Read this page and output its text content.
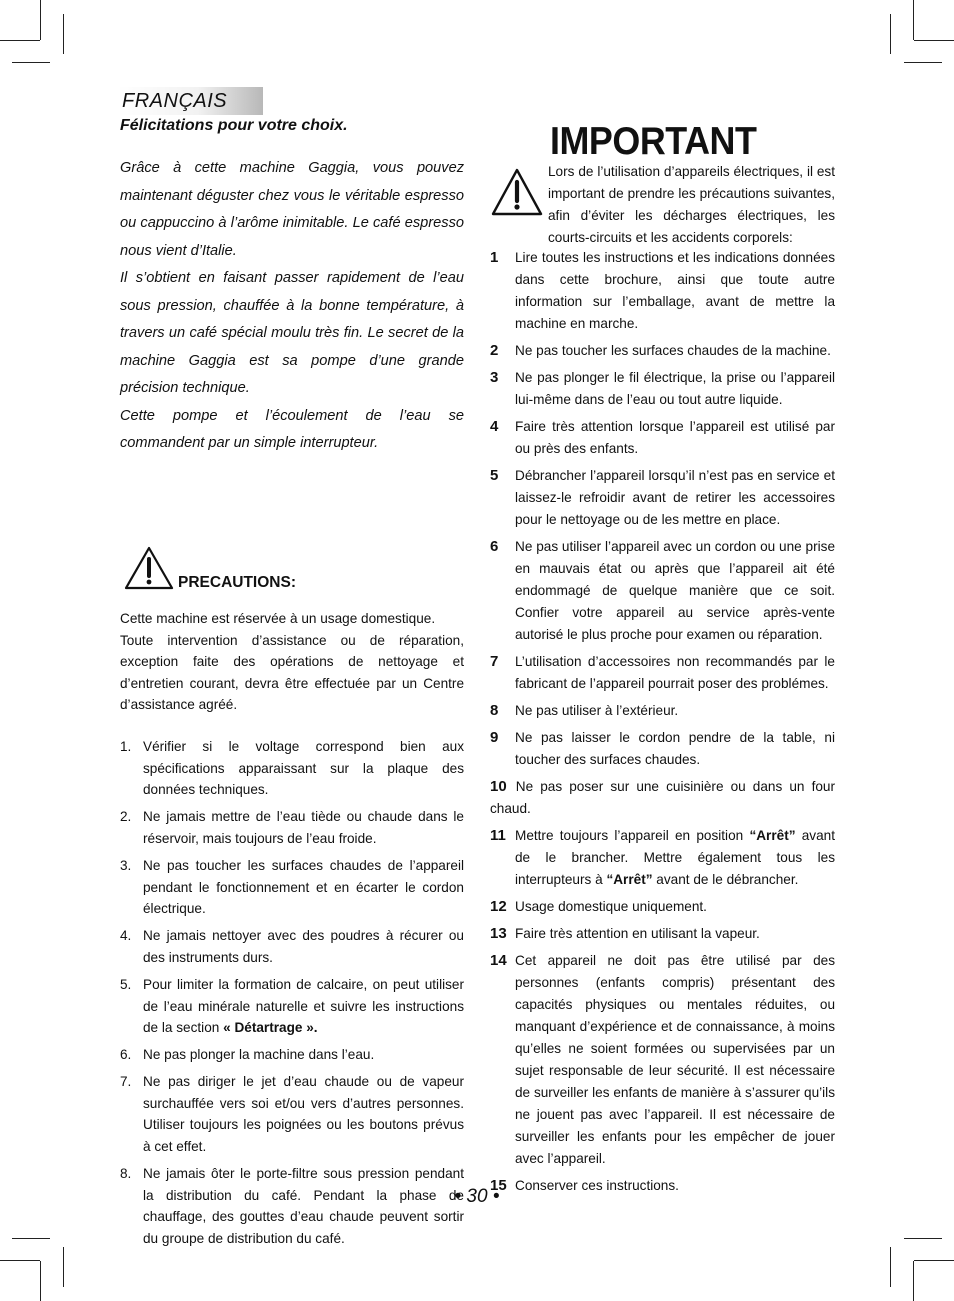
FRANÇAIS
Félicitations pour votre choix.

Grâce à cette machine Gaggia, vous pouvez maintenant déguster chez vous le véritable espresso ou cappuccino à l’arôme inimitable. Le café espresso nous vient d’Italie.

Il s’obtient en faisant passer rapidement de l’eau sous pression, chauffée à la bonne température, à travers un café spécial moulu très fin. Le secret de la machine Gaggia est sa pompe d’une grande précision technique.

Cette pompe et l’écoulement de l’eau se commandent par un simple interrupteur.

PRECAUTIONS:

Cette machine est réservée à un usage domestique.

Toute intervention d’assistance ou de réparation, exception faite des opérations de nettoyage et d’entretien courant, devra être effectuée par un Centre d’assistance agréé.

1. Vérifier si le voltage correspond bien aux spécifications apparaissant sur la plaque des données techniques.
2. Ne jamais mettre de l’eau tiède ou chaude dans le réservoir, mais toujours de l’eau froide.
3. Ne pas toucher les surfaces chaudes de l’appareil pendant le fonctionnement et en écarter le cordon électrique.
4. Ne jamais nettoyer avec des poudres à récurer ou des instruments durs.
5. Pour limiter la formation de calcaire, on peut utiliser de l’eau minérale naturelle et suivre les instructions de la section « Détartrage ».
6. Ne pas plonger la machine dans l’eau.
7. Ne pas diriger le jet d’eau chaude ou de vapeur surchauffée vers soi et/ou vers d’autres personnes. Utiliser toujours les poignées ou les boutons prévus à cet effet.
8. Ne jamais ôter le porte-filtre sous pression pendant la distribution du café. Pendant la phase de chauffage, des gouttes d’eau chaude peuvent sortir du groupe de distribution du café.
IMPORTANT
Lors de l’utilisation d’appareils électriques, il est important de prendre les précautions suivantes, afin d’éviter les décharges électriques, les courts-circuits et les accidents corporels:
1 Lire toutes les instructions et les indications données dans cette brochure, ainsi que toute autre information sur l’emballage, avant de mettre la machine en marche.
2 Ne pas toucher les surfaces chaudes de la machine.
3 Ne pas plonger le fil électrique, la prise ou l’appareil lui-même dans de l’eau ou tout autre liquide.
4 Faire très attention lorsque l’appareil est utilisé par ou près des enfants.
5 Débrancher l’appareil lorsqu’il n’est pas en service et laissez-le refroidir avant de retirer les accessoires pour le nettoyage ou de les mettre en place.
6 Ne pas utiliser l’appareil avec un cordon ou une prise en mauvais état ou après que l’appareil ait été endommagé de quelque manière que ce soit. Confier votre appareil au service après-vente autorisé le plus proche pour examen ou réparation.
7 L’utilisation d’accessoires non recommandés par le fabricant de l’appareil pourrait poser des problémes.
8 Ne pas utiliser à l’extérieur.
9 Ne pas laisser le cordon pendre de la table, ni toucher des surfaces chaudes.
10 Ne pas poser sur une cuisinière ou dans un four chaud.
11 Mettre toujours l’appareil en position “Arrêt” avant de le brancher. Mettre également tous les interrupteurs à “Arrêt” avant de le débrancher.
12 Usage domestique uniquement.
13 Faire très attention en utilisant la vapeur.
14 Cet appareil ne doit pas être utilisé par des personnes (enfants compris) présentant des capacités physiques ou mentales réduites, ou manquant d’expérience et de connaissance, à moins qu’elles ne soient formées ou supervisées par un sujet responsable de leur sécurité. Il est nécessaire de surveiller les enfants de manière à s’assurer qu’ils ne jouent pas avec l’appareil. Il est nécessaire de surveiller les enfants pour les empêcher de jouer avec l’appareil.
15 Conserver ces instructions.
• 30 •
